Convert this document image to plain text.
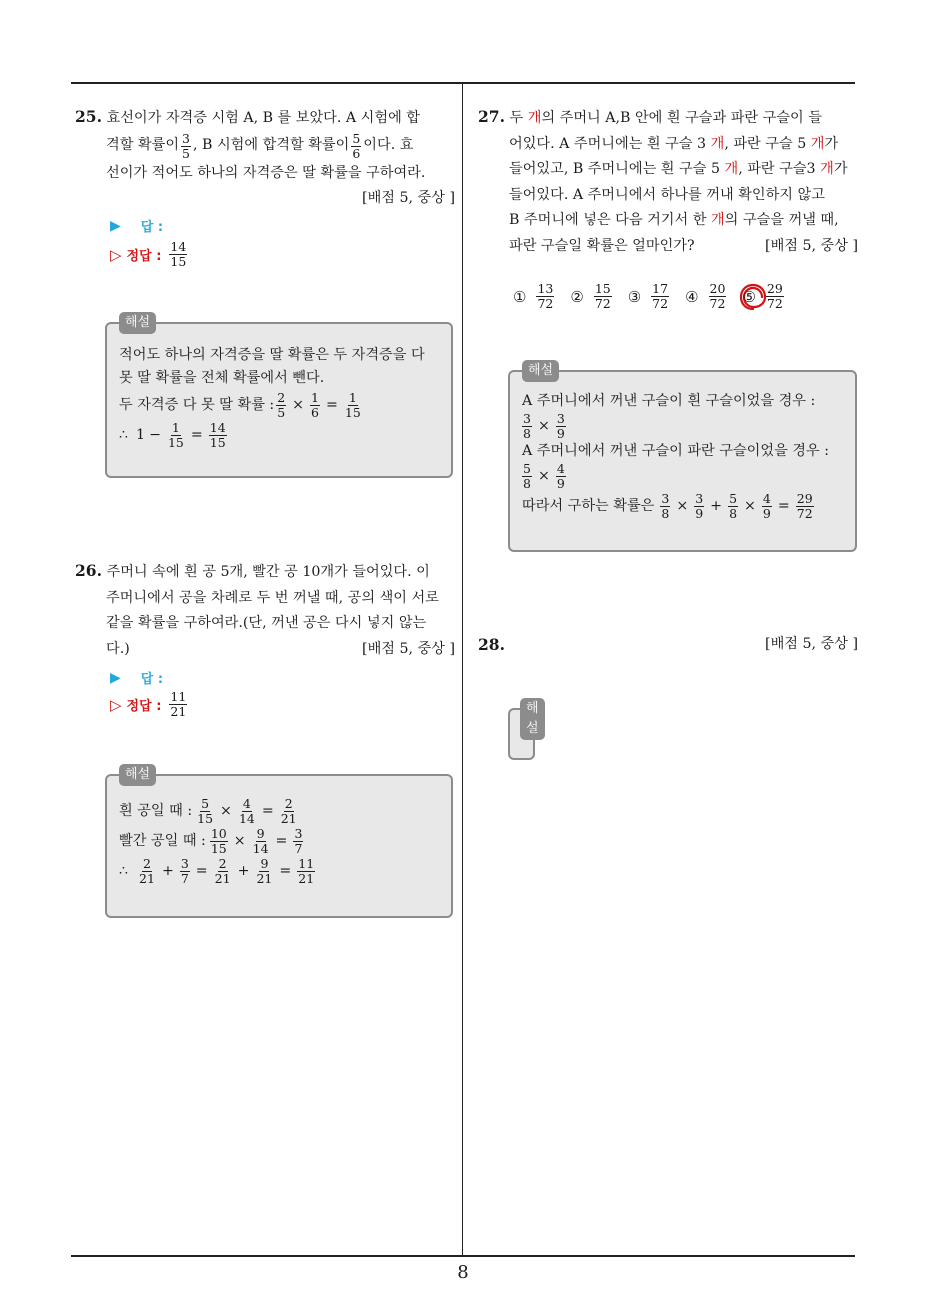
25. 효선이가 자격증 시험 A, B 를 보았다. A 시험에 합
격할 확률이 $\frac{3}{5}$ , B 시험에 합격할 확률이 $\frac{5}{6}$ 이다. 효
선이가 적어도 하나의 자격증은 딸 확률을 구하여라.
[배점 5, 중상 ]
▶ 답 :
▷ 정답 : $\frac{14}{15}$
해설
적어도 하나의 자격증을 딸 확률은 두 자격증을 다
못 딸 확률을 전체 확률에서 뺀다.
두 자격증 다 못 딸 확률 : $\frac{2}{5} \times \frac{1}{6} = \frac{1}{15}$
∴ $1 - \frac{1}{15} = \frac{14}{15}$
26. 주머니 속에 흰 공 5개, 빨간 공 10개가 들어있다. 이
주머니에서 공을 차례로 두 번 꺼낼 때, 공의 색이 서로
같을 확률을 구하여라.(단, 꺼낸 공은 다시 넣지 않는
다.)	[배점 5, 중상 ]
▶ 답 :
▷ 정답 : $\frac{11}{21}$
해설
흰 공일 때 : $\frac{5}{15} \times \frac{4}{14} = \frac{2}{21}$
빨간 공일 때 : $\frac{10}{15} \times \frac{9}{14} = \frac{3}{7}$
∴ $\frac{2}{21} + \frac{3}{7} = \frac{2}{21} + \frac{9}{21} = \frac{11}{21}$
27. 두 개의 주머니 A,B 안에 흰 구슬과 파란 구슬이 들
어있다. A 주머니에는 흰 구슬 3 개, 파란 구슬 5 개가
들어있고, B 주머니에는 흰 구슬 5 개, 파란 구슬3 개가
들어있다. A 주머니에서 하나를 꺼내 확인하지 않고
B 주머니에 넣은 다음 거기서 한 개의 구슬을 꺼낼 때,
파란 구슬일 확률은 얼마인가?	[배점 5, 중상 ]
① $\frac{13}{72}$ ② $\frac{15}{72}$ ③ $\frac{17}{72}$ ④ $\frac{20}{72}$ ⑤ $\frac{29}{72}$
해설
A 주머니에서 꺼낸 구슬이 흰 구슬이었을 경우 :
$\frac{3}{8} \times \frac{3}{9}$
A 주머니에서 꺼낸 구슬이 파란 구슬이었을 경우 :
$\frac{5}{8} \times \frac{4}{9}$
따라서 구하는 확률은 $\frac{3}{8} \times \frac{3}{9} + \frac{5}{8} \times \frac{4}{9} = \frac{29}{72}$
28.	[배점 5, 중상 ]
해설
8
